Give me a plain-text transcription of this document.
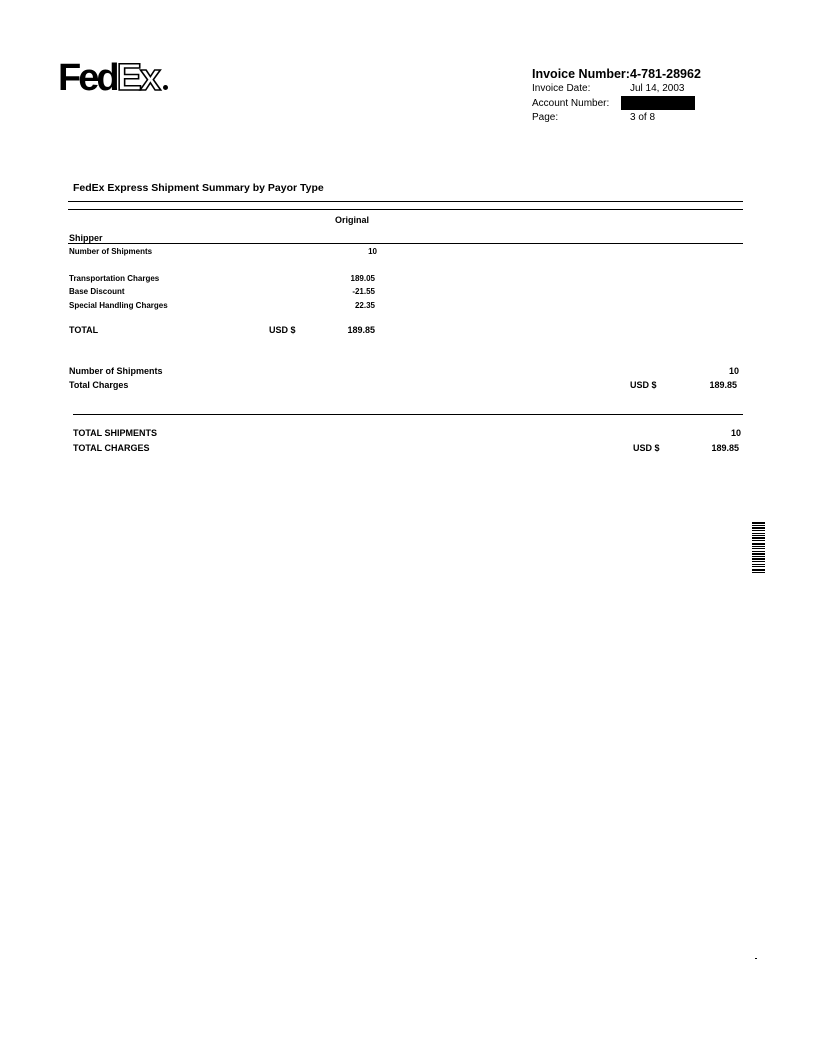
FedEx	Invoice Number: 4-781-28962
Invoice Date:	Jul 14, 2003
Account Number:
Page:	3 of 8
FedEx Express Shipment Summary by Payor Type
Original
Shipper
Number of Shipments	10
Transportation Charges	189.05
Base Discount	-21.55
Special Handling Charges	22.35
TOTAL	USD $	189.85
Number of Shipments	10
Total Charges	USD $	189.85
TOTAL SHIPMENTS	10
TOTAL CHARGES	USD $	189.85
